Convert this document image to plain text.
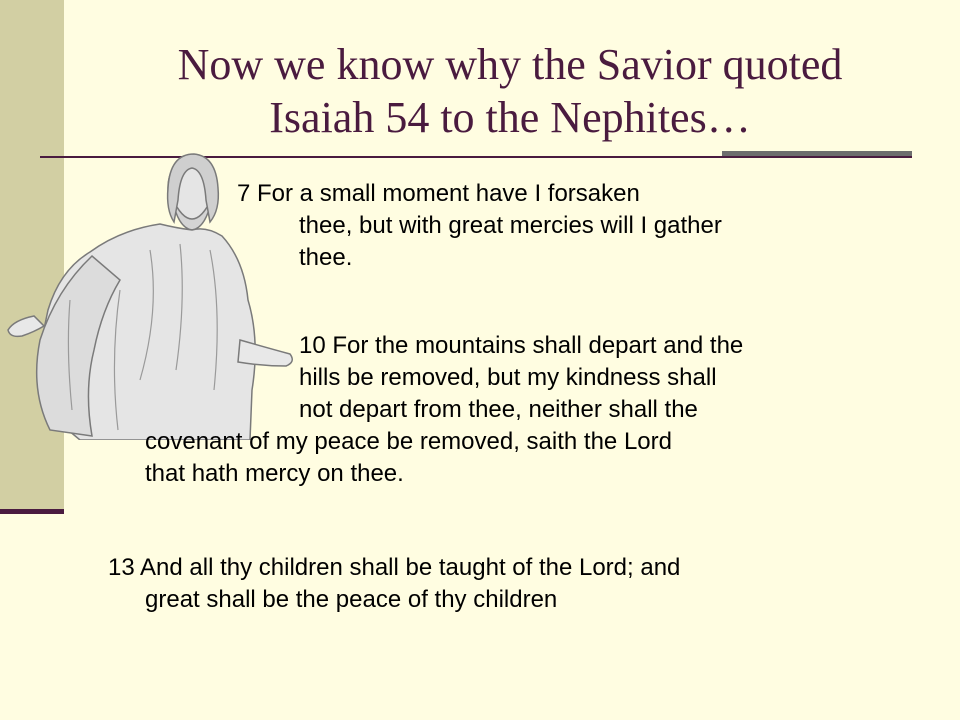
Now we know why the Savior quoted
Isaiah 54 to the Nephites…

7 For a small moment have I forsaken
thee, but with great mercies will I gather
thee.

10 For the mountains shall depart and the
hills be removed, but my kindness shall
not depart from thee, neither shall the
covenant of my peace be removed, saith the Lord
that hath mercy on thee.

13 And all thy children shall be taught of the Lord; and
great shall be the peace of thy children
